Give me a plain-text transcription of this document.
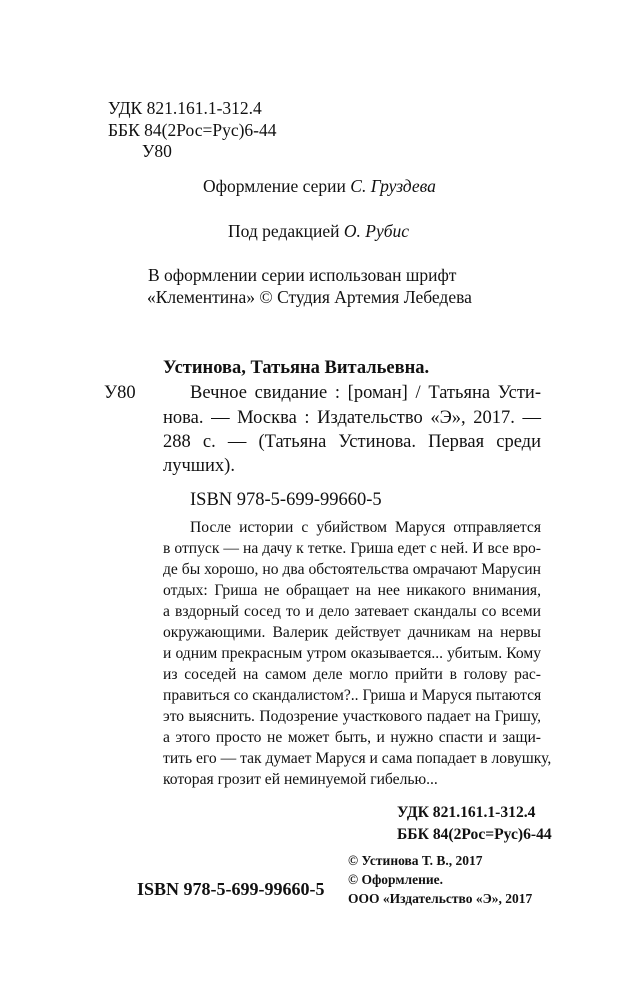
УДК 821.161.1-312.4
ББК 84(2Рос=Рус)6-44
У80
Оформление серии С. Груздева
Под редакцией О. Рубис
В оформлении серии использован шрифт
«Клементина» © Студия Артемия Лебедева
Устинова, Татьяна Витальевна.
У80	Вечное свидание : [роман] / Татьяна Усти-
нова. — Москва : Издательство «Э», 2017. —
288 с. — (Татьяна Устинова. Первая среди
лучших).
ISBN 978-5-699-99660-5
После истории с убийством Маруся отправляется
в отпуск — на дачу к тетке. Гриша едет с ней. И все вро-
де бы хорошо, но два обстоятельства омрачают Марусин
отдых: Гриша не обращает на нее никакого внимания,
а вздорный сосед то и дело затевает скандалы со всеми
окружающими. Валерик действует дачникам на нервы
и одним прекрасным утром оказывается... убитым. Кому
из соседей на самом деле могло прийти в голову рас-
правиться со скандалистом?.. Гриша и Маруся пытаются
это выяснить. Подозрение участкового падает на Гришу,
а этого просто не может быть, и нужно спасти и защи-
тить его — так думает Маруся и сама попадает в ловушку,
которая грозит ей неминуемой гибелью...
УДК 821.161.1-312.4
ББК 84(2Рос=Рус)6-44
ISBN 978-5-699-99660-5
© Устинова Т. В., 2017
© Оформление.
ООО «Издательство «Э», 2017
